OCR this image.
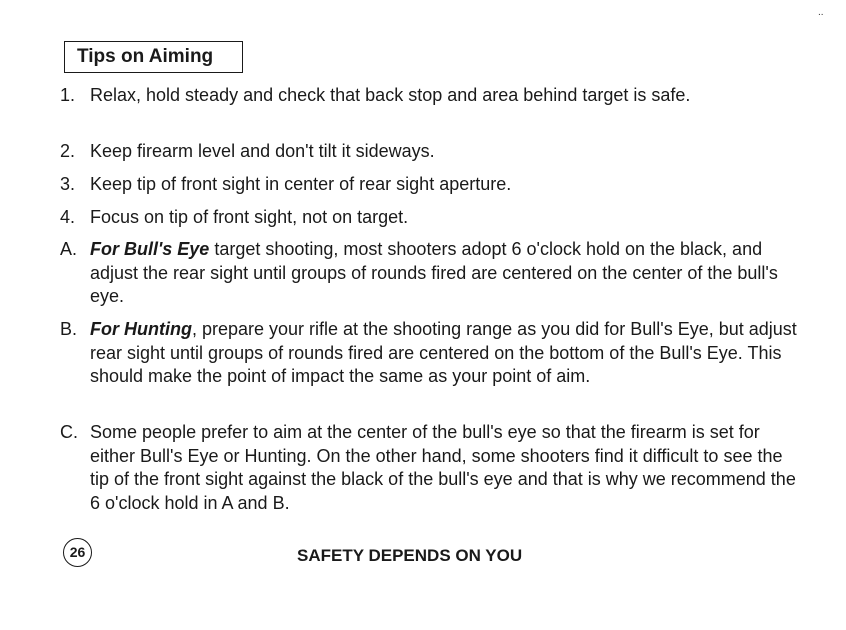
..
Tips on Aiming
1. Relax, hold steady and check that back stop and area behind target is safe.
2. Keep firearm level and don't tilt it sideways.
3. Keep tip of front sight in center of rear sight aperture.
4. Focus on tip of front sight, not on target.
A. For Bull's Eye target shooting, most shooters adopt 6 o'clock hold on the black, and adjust the rear sight until groups of rounds fired are centered on the center of the bull's eye.
B. For Hunting, prepare your rifle at the shooting range as you did for Bull's Eye, but adjust rear sight until groups of rounds fired are centered on the bottom of the Bull's Eye. This should make the point of impact the same as your point of aim.
C. Some people prefer to aim at the center of the bull's eye so that the firearm is set for either Bull's Eye or Hunting. On the other hand, some shooters find it difficult to see the tip of the front sight against the black of the bull's eye and that is why we recommend the 6 o'clock hold in A and B.
26	SAFETY DEPENDS ON YOU
